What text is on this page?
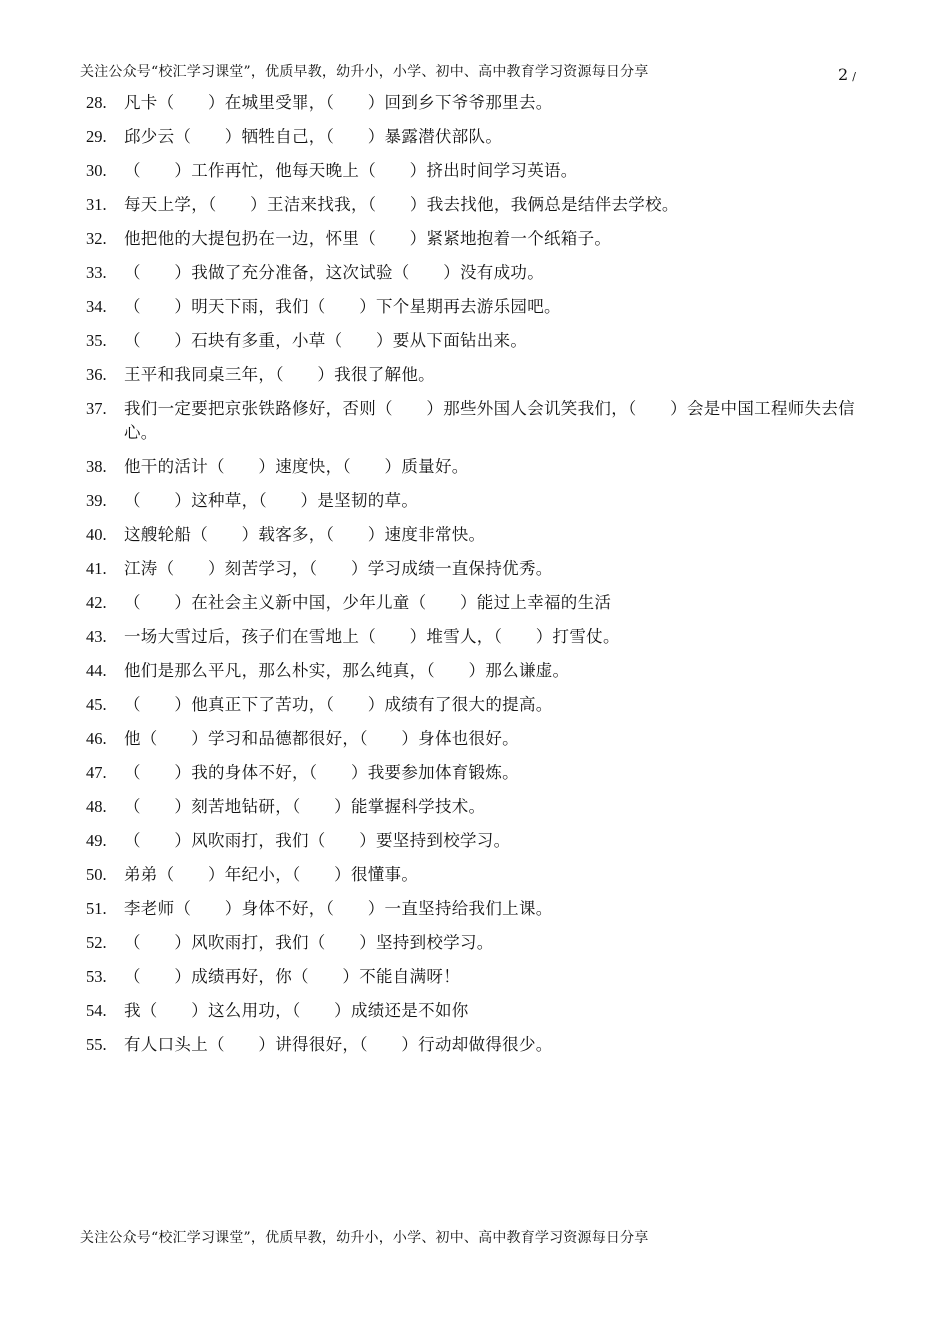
关注公众号“校汇学习课堂”，优质早教，幼升小，小学、初中、高中教育学习资源每日分享	2 /
28.	凡卡（　　）在城里受罪，（　　）回到乡下爷爷那里去。
29.	邱少云（　　）牺牲自己，（　　）暴露潜伏部队。
30.	（　　）工作再忙，他每天晚上（　　）挤出时间学习英语。
31.	每天上学，（　　）王洁来找我，（　　）我去找他，我俩总是结伴去学校。
32.	他把他的大提包扔在一边，怀里（　　）紧紧地抱着一个纸箱子。
33.	（　　）我做了充分准备，这次试验（　　）没有成功。
34.	（　　）明天下雨，我们（　　）下个星期再去游乐园吧。
35.	（　　）石块有多重，小草（　　）要从下面钻出来。
36.	王平和我同桌三年，（　　）我很了解他。
37.	我们一定要把京张铁路修好，否则（　　）那些外国人会讥笑我们，（　　）会是中国工程师失去信心。
38.	他干的活计（　　）速度快，（　　）质量好。
39.	（　　）这种草，（　　）是坚韧的草。
40.	这艘轮船（　　）载客多，（　　）速度非常快。
41.	江涛（　　）刻苦学习，（　　）学习成绩一直保持优秀。
42.	（　　）在社会主义新中国，少年儿童（　　）能过上幸福的生活
43.	一场大雪过后，孩子们在雪地上（　　）堆雪人，（　　）打雪仗。
44.	他们是那么平凡，那么朴实，那么纯真，（　　）那么谦虚。
45.	（　　）他真正下了苦功，（　　）成绩有了很大的提高。
46.	他（　　）学习和品德都很好，（　　）身体也很好。
47.	（　　）我的身体不好，（　　）我要参加体育锻炼。
48.	（　　）刻苦地钻研，（　　）能掌握科学技术。
49.	（　　）风吹雨打，我们（　　）要坚持到校学习。
50.	弟弟（　　）年纪小，（　　）很懂事。
51.	李老师（　　）身体不好，（　　）一直坚持给我们上课。
52.	（　　）风吹雨打，我们（　　）坚持到校学习。
53.	（　　）成绩再好，你（　　）不能自满呀！
54.	我（　　）这么用功，（　　）成绩还是不如你
55.	有人口头上（　　）讲得很好，（　　）行动却做得很少。
关注公众号“校汇学习课堂”，优质早教，幼升小，小学、初中、高中教育学习资源每日分享
